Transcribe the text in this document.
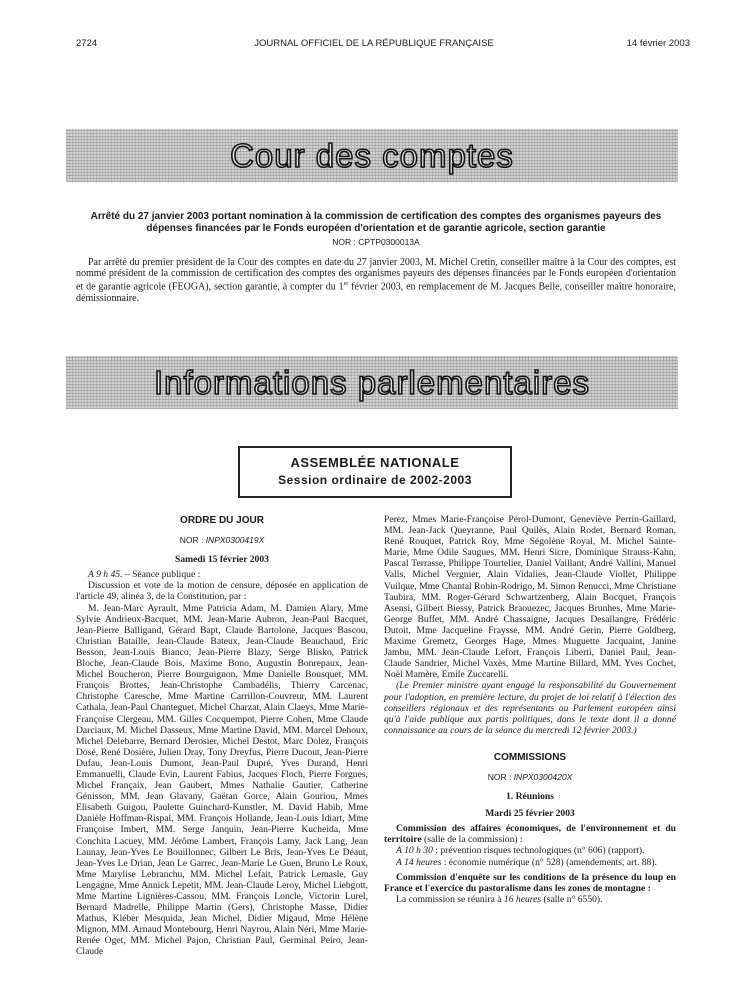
2724	JOURNAL OFFICIEL DE LA RÉPUBLIQUE FRANÇAISE	14 février 2003
Cour des comptes
Arrêté du 27 janvier 2003 portant nomination à la commission de certification des comptes des organismes payeurs des dépenses financées par le Fonds européen d'orientation et de garantie agricole, section garantie
NOR : CPTP0300013A
Par arrêté du premier président de la Cour des comptes en date du 27 janvier 2003, M. Michel Cretin, conseiller maître à la Cour des comptes, est nommé président de la commission de certification des comptes des organismes payeurs des dépenses financées par le Fonds européen d'orientation et de garantie agricole (FEOGA), section garantie, à compter du 1er février 2003, en remplacement de M. Jacques Belle, conseiller maître honoraire, démissionnaire.
Informations parlementaires
ASSEMBLÉE NATIONALE
Session ordinaire de 2002-2003

ORDRE DU JOUR

NOR : INPX0300419X

Samedi 15 février 2003

A 9 h 45. – Séance publique :

Discussion et vote de la motion de censure, déposée en application de l'article 49, alinéa 3, de la Constitution, par :

M. Jean-Marc Ayrault, Mme Patricia Adam, M. Damien Alary, Mme Sylvie Andrieux-Bacquet, MM. Jean-Marie Aubron, Jean-Paul Bacquet, Jean-Pierre Balligand, Gérard Bapt, Claude Bartolone, Jacques Bascou, Christian Bataille, Jean-Claude Bateux, Jean-Claude Beauchaud, Eric Besson, Jean-Louis Bianco, Jean-Pierre Blazy, Serge Blisko, Patrick Bloche, Jean-Claude Bois, Maxime Bono, Augustin Bonrepaux, Jean-Michel Boucheron, Pierre Bourguignon, Mme Danielle Bousquet, MM. François Brottes, Jean-Christophe Cambadélis, Thierry Carcenac, Christophe Caresche, Mme Martine Carrillon-Couvreur, MM. Laurent Cathala, Jean-Paul Chanteguet, Michel Charzat, Alain Claeys, Mme Marie-Françoise Clergeau, MM. Gilles Cocquempot, Pierre Cohen, Mme Claude Darciaux, M. Michel Dasseux, Mme Martine David, MM. Marcel Dehoux, Michel Delebarre, Bernard Derosier, Michel Destot, Marc Dolez, François Dosé, René Dosière, Julien Dray, Tony Dreyfus, Pierre Ducout, Jean-Pierre Dufau, Jean-Louis Dumont, Jean-Paul Dupré, Yves Durand, Henri Emmanuelli, Claude Evin, Laurent Fabius, Jacques Floch, Pierre Forgues, Michel Françaix, Jean Gaubert, Mmes Nathalie Gautier, Catherine Génisson, MM. Jean Glavany, Gaëtan Gorce, Alain Gouriou, Mmes Elisabeth Guigou, Paulette Guinchard-Kunstler, M. David Habib, Mme Danièle Hoffman-Rispal, MM. François Hollande, Jean-Louis Idiart, Mme Françoise Imbert, MM. Serge Janquin, Jean-Pierre Kucheida, Mme Conchita Lacuey, MM. Jérôme Lambert, François Lamy, Jack Lang, Jean Launay, Jean-Yves Le Bouillonnec, Gilbert Le Bris, Jean-Yves Le Déaut, Jean-Yves Le Drian, Jean Le Garrec, Jean-Marie Le Guen, Bruno Le Roux, Mme Marylise Lebranchu, MM. Michel Lefait, Patrick Lemasle, Guy Lengagne, Mme Annick Lepetit, MM. Jean-Claude Leroy, Michel Liebgott, Mme Martine Lignières-Cassou, MM. François Loncle, Victorin Lurel, Bernard Madrelle, Philippe Martin (Gers), Christophe Masse, Didier Mathus, Kléber Mesquida, Jean Michel, Didier Migaud, Mme Hélène Mignon, MM. Arnaud Montebourg, Henri Nayrou, Alain Néri, Mme Marie-Renée Oget, MM. Michel Pajon, Christian Paul, Germinal Peiro, Jean-Claude

Perez, Mmes Marie-Françoise Pérol-Dumont, Geneviève Perrin-Gaillard, MM. Jean-Jack Queyranne, Paul Quilès, Alain Rodet, Bernard Roman, René Rouquet, Patrick Roy, Mme Ségolène Royal, M. Michel Sainte-Marie, Mme Odile Saugues, MM. Henri Sicre, Dominique Strauss-Kahn, Pascal Terrasse, Philippe Tourtelier, Daniel Vaillant, André Vallini, Manuel Valls, Michel Vergnier, Alain Vidalies, Jean-Claude Viollet, Philippe Vuilque, Mme Chantal Robin-Rodrigo, M. Simon Renucci, Mme Christiane Taubira, MM. Roger-Gérard Schwartzenberg, Alain Bocquet, François Asensi, Gilbert Biessy, Patrick Braouezec, Jacques Brunhes, Mme Marie-George Buffet, MM. André Chassaigne, Jacques Desallangre, Frédéric Dutoit, Mme Jacqueline Fraysse, MM. André Gerin, Pierre Goldberg, Maxime Gremetz, Georges Hage, Mmes Muguette Jacquaint, Janine Jambu, MM. Jean-Claude Lefort, François Liberti, Daniel Paul, Jean-Claude Sandrier, Michel Vaxès, Mme Martine Billard, MM. Yves Cochet, Noël Mamère, Emile Zuccarelli.

(Le Premier ministre ayant engagé la responsabilité du Gouvernement pour l'adoption, en première lecture, du projet de loi relatif à l'élection des conseillers régionaux et des représentants au Parlement européen ainsi qu'à l'aide publique aux partis politiques, dans le texte dont il a donné connaissance au cours de la séance du mercredi 12 février 2003.)

COMMISSIONS

NOR : INPX0300420X

1. Réunions

Mardi 25 février 2003

Commission des affaires économiques, de l'environnement et du territoire (salle de la commission) :

A 10 h 30 : prévention risques technologiques (n° 606) (rapport).

A 14 heures : économie numérique (n° 528) (amendements, art. 88).

Commission d'enquête sur les conditions de la présence du loup en France et l'exercice du pastoralisme dans les zones de montagne :

La commission se réunira à 16 heures (salle n° 6550).
